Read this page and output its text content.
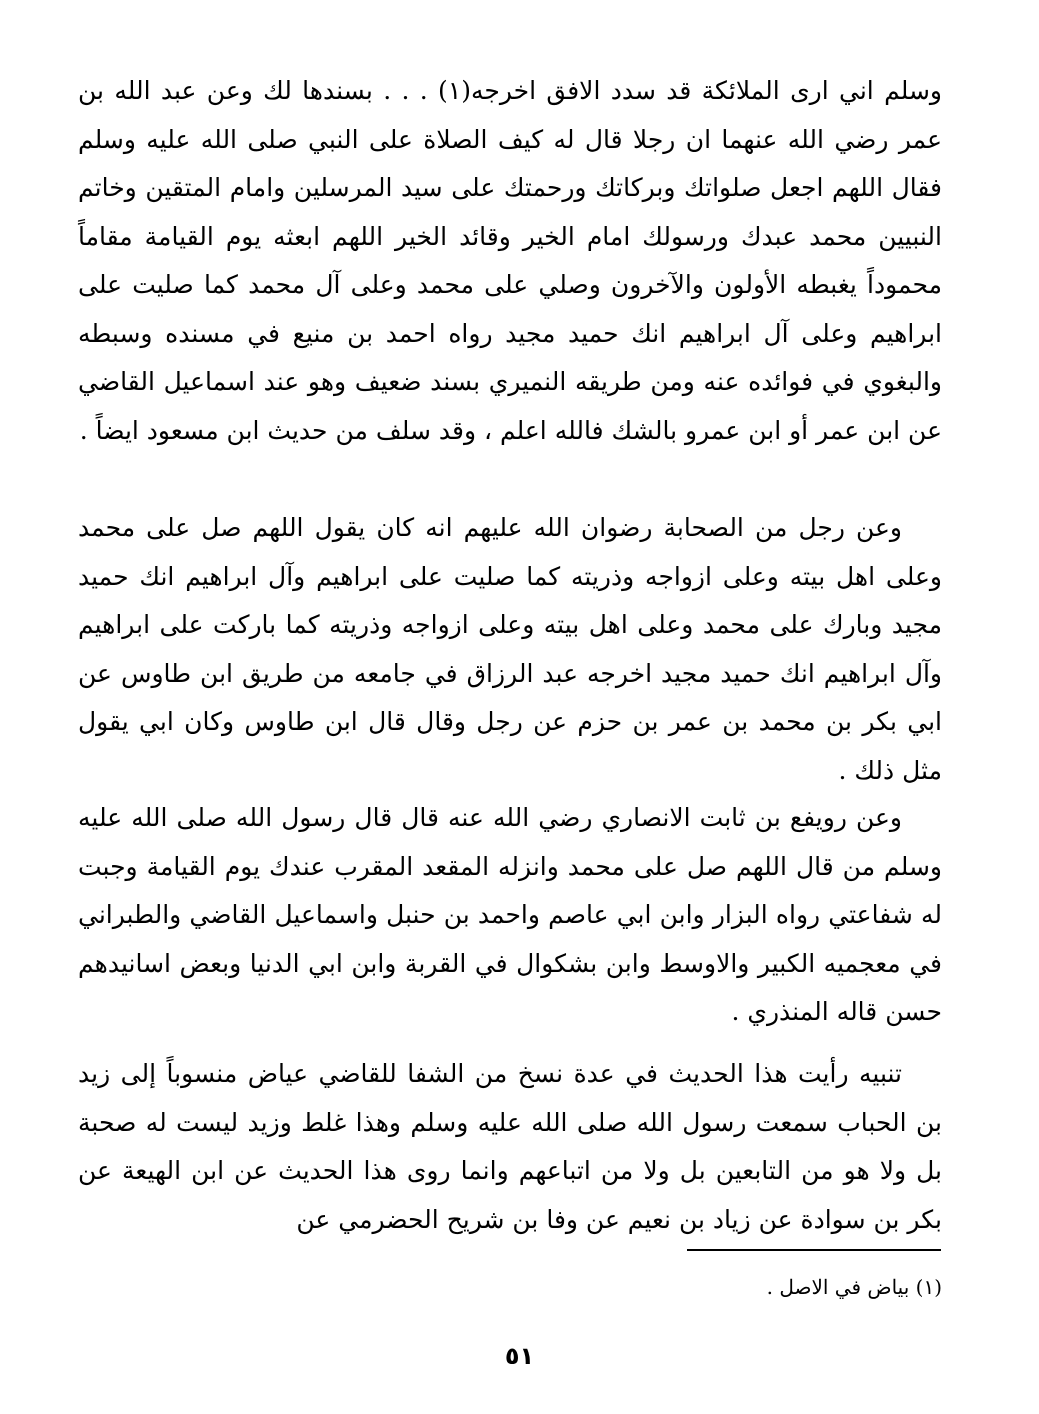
وسلم اني ارى الملائكة قد سدد الافق اخرجه(١) . . . بسندها لك وعن عبد الله بن عمر رضي الله عنهما ان رجلا قال له كيف الصلاة على النبي صلى الله عليه وسلم فقال اللهم اجعل صلواتك وبركاتك ورحمتك على سيد المرسلين وامام المتقين وخاتم النبيين محمد عبدك ورسولك امام الخير وقائد الخير اللهم ابعثه يوم القيامة مقاماً محموداً يغبطه الأولون والآخرون وصلي على محمد وعلى آل محمد كما صليت على ابراهيم وعلى آل ابراهيم انك حميد مجيد رواه احمد بن منيع في مسنده وسبطه والبغوي في فوائده عنه ومن طريقه النميري بسند ضعيف وهو عند اسماعيل القاضي عن ابن عمر أو ابن عمرو بالشك فالله اعلم ، وقد سلف من حديث ابن مسعود ايضاً .

وعن رجل من الصحابة رضوان الله عليهم انه كان يقول اللهم صل على محمد وعلى اهل بيته وعلى ازواجه وذريته كما صليت على ابراهيم وآل ابراهيم انك حميد مجيد وبارك على محمد وعلى اهل بيته وعلى ازواجه وذريته كما باركت على ابراهيم وآل ابراهيم انك حميد مجيد اخرجه عبد الرزاق في جامعه من طريق ابن طاوس عن ابي بكر بن محمد بن عمر بن حزم عن رجل وقال قال ابن طاوس وكان ابي يقول مثل ذلك .

وعن رويفع بن ثابت الانصاري رضي الله عنه قال قال رسول الله صلى الله عليه وسلم من قال اللهم صل على محمد وانزله المقعد المقرب عندك يوم القيامة وجبت له شفاعتي رواه البزار وابن ابي عاصم واحمد بن حنبل واسماعيل القاضي والطبراني في معجميه الكبير والاوسط وابن بشكوال في القربة وابن ابي الدنيا وبعض اسانيدهم حسن قاله المنذري .

تنبيه رأيت هذا الحديث في عدة نسخ من الشفا للقاضي عياض منسوباً إلى زيد بن الحباب سمعت رسول الله صلى الله عليه وسلم وهذا غلط وزيد ليست له صحبة بل ولا هو من التابعين بل ولا من اتباعهم وانما روى هذا الحديث عن ابن الهيعة عن بكر بن سوادة عن زياد بن نعيم عن وفا بن شريح الحضرمي عن

(١) بياض في الاصل .
٥١
